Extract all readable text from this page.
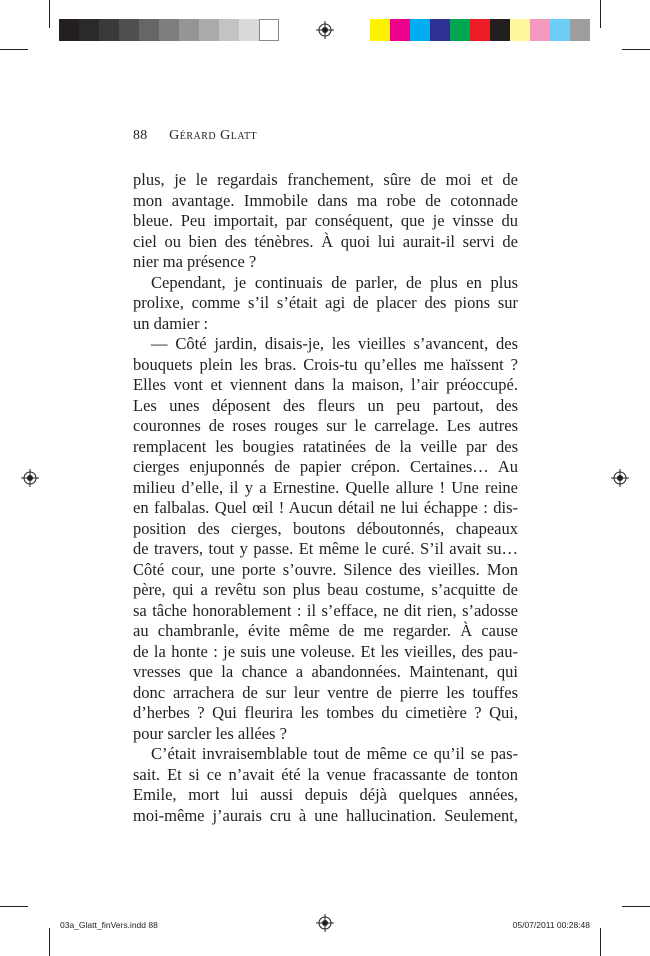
88 Gérard Glatt
plus, je le regardais franchement, sûre de moi et de
mon avantage. Immobile dans ma robe de cotonnade
bleue. Peu importait, par conséquent, que je vinsse du
ciel ou bien des ténèbres. À quoi lui aurait-il servi de
nier ma présence ?
Cependant, je continuais de parler, de plus en plus
prolixe, comme s’il s’était agi de placer des pions sur
un damier :
— Côté jardin, disais-je, les vieilles s’avancent, des
bouquets plein les bras. Crois-tu qu’elles me haïssent ?
Elles vont et viennent dans la maison, l’air préoccupé.
Les unes déposent des fleurs un peu partout, des
couronnes de roses rouges sur le carrelage. Les autres
remplacent les bougies ratatinées de la veille par des
cierges enjuponnés de papier crépon. Certaines… Au
milieu d’elle, il y a Ernestine. Quelle allure ! Une reine
en falbalas. Quel œil ! Aucun détail ne lui échappe : dis-
position des cierges, boutons déboutonnés, chapeaux
de travers, tout y passe. Et même le curé. S’il avait su…
Côté cour, une porte s’ouvre. Silence des vieilles. Mon
père, qui a revêtu son plus beau costume, s’acquitte de
sa tâche honorablement : il s’efface, ne dit rien, s’adosse
au chambranle, évite même de me regarder. À cause
de la honte : je suis une voleuse. Et les vieilles, des pau-
vresses que la chance a abandonnées. Maintenant, qui
donc arrachera de sur leur ventre de pierre les touffes
d’herbes ? Qui fleurira les tombes du cimetière ? Qui,
pour sarcler les allées ?
C’était invraisemblable tout de même ce qu’il se pas-
sait. Et si ce n’avait été la venue fracassante de tonton
Emile, mort lui aussi depuis déjà quelques années,
moi-même j’aurais cru à une hallucination. Seulement,
03a_Glatt_finVers.indd 88	05/07/2011 00:28:48
